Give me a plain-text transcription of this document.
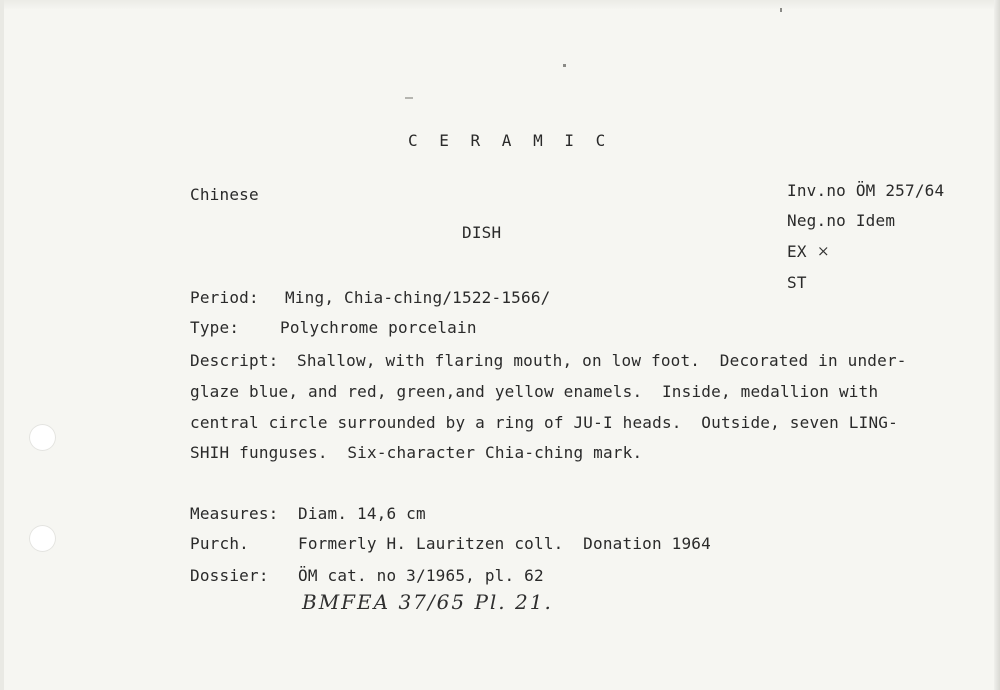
C E R A M I C
Chinese
DISH
Inv.no ÖM 257/64
Neg.no Idem
EX ×
ST
Period: Ming, Chia-ching/1522-1566/
Type:	Polychrome porcelain
Descript: Shallow, with flaring mouth, on low foot.  Decorated in under-
glaze blue, and red, green,and yellow enamels.  Inside, medallion with
central circle surrounded by a ring of JU-I heads.  Outside, seven LING-
SHIH funguses.  Six-character Chia-ching mark.
Measures: Diam. 14,6 cm
Purch.	Formerly H. Lauritzen coll.  Donation 1964
Dossier: ÖM cat. no 3/1965, pl. 62
BMFEA 37/65 Pl. 21.
